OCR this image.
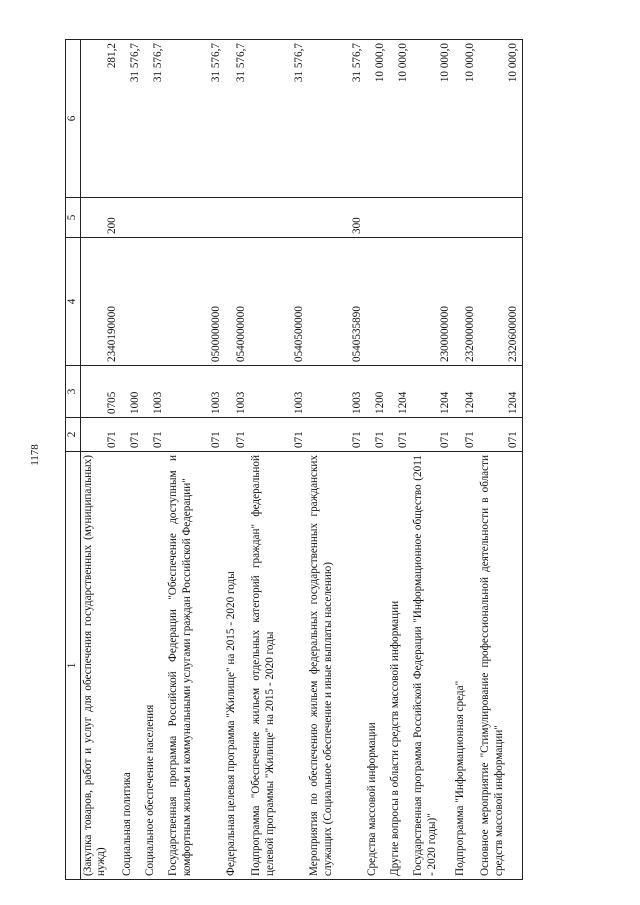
1178
1	2	3	4	5	6
(Закупка товаров, работ и услуг для обеспечения государственных (муниципальных) нужд)	071	0705	2340190000	200	281,2
Социальная политика	071	1000			31 576,7
Социальное обеспечение населения	071	1003			31 576,7
Государственная программа Российской Федерации "Обеспечение доступным и комфортным жильем и коммунальными услугами граждан Российской Федерации"	071	1003	0500000000		31 576,7
Федеральная целевая программа "Жилище" на 2015 - 2020 годы	071	1003	0540000000		31 576,7
Подпрограмма "Обеспечение жильем отдельных категорий граждан" федеральной целевой программы "Жилище" на 2015 - 2020 годы	071	1003	0540500000		31 576,7
Мероприятия по обеспечению жильем федеральных государственных гражданских служащих (Социальное обеспечение и иные выплаты населению)	071	1003	0540535890	300	31 576,7
Средства массовой информации	071	1200			10 000,0
Другие вопросы в области средств массовой информации	071	1204			10 000,0
Государственная программа Российской Федерации "Информационное общество (2011 - 2020 годы)"	071	1204	2300000000		10 000,0
Подпрограмма "Информационная среда"	071	1204	2320000000		10 000,0
Основное мероприятие "Стимулирование профессиональной деятельности в области средств массовой информации"	071	1204	2320600000		10 000,0
